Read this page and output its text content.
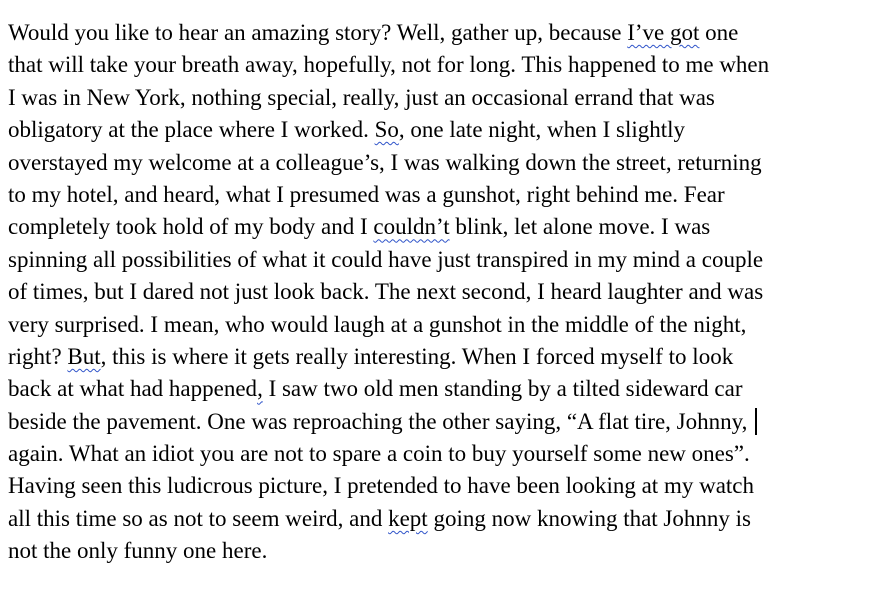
Would you like to hear an amazing story? Well, gather up, because I’ve got one
that will take your breath away, hopefully, not for long. This happened to me when
I was in New York, nothing special, really, just an occasional errand that was
obligatory at the place where I worked. So, one late night, when I slightly
overstayed my welcome at a colleague’s, I was walking down the street, returning
to my hotel, and heard, what I presumed was a gunshot, right behind me. Fear
completely took hold of my body and I couldn’t blink, let alone move. I was
spinning all possibilities of what it could have just transpired in my mind a couple
of times, but I dared not just look back. The next second, I heard laughter and was
very surprised. I mean, who would laugh at a gunshot in the middle of the night,
right? But, this is where it gets really interesting. When I forced myself to look
back at what had happened, I saw two old men standing by a tilted sideward car
beside the pavement. One was reproaching the other saying, “A flat tire, Johnny,
again. What an idiot you are not to spare a coin to buy yourself some new ones”.
Having seen this ludicrous picture, I pretended to have been looking at my watch
all this time so as not to seem weird, and kept going now knowing that Johnny is
not the only funny one here.
